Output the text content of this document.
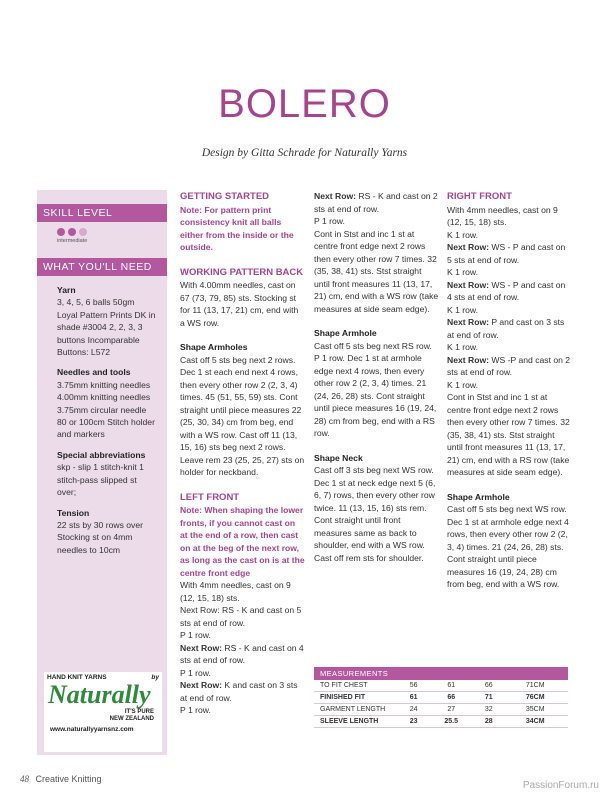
BOLERO
Design by Gitta Schrade for Naturally Yarns
SKILL LEVEL
intermediate
WHAT YOU'LL NEED
Yarn
3, 4, 5, 6 balls 50gm Loyal Pattern Prints DK in shade #3004 2, 2, 3, 3 buttons Incomparable Buttons: L572
Needles and tools
3.75mm knitting needles 4.00mm knitting needles 3.75mm circular needle 80 or 100cm Stitch holder and markers
Special abbreviations
skp - slip 1 stitch-knit 1 stitch-pass slipped st over;
Tension
22 sts by 30 rows over Stocking st on 4mm needles to 10cm
HAND KNIT YARNS	by
Naturally
IT'S PURE
NEW ZEALAND
www.naturallyyarnsnz.com

GETTING STARTED
Note: For pattern print consistency knit all balls either from the inside or the outside.

WORKING PATTERN BACK
With 4.00mm needles, cast on 67 (73, 79, 85) sts. Stocking st for 11 (13, 17, 21) cm, end with a WS row.

Shape Armholes
Cast off 5 sts beg next 2 rows. Dec 1 st each end next 4 rows, then every other row 2 (2, 3, 4) times. 45 (51, 55, 59) sts. Cont straight until piece measures 22 (25, 30, 34) cm from beg, end with a WS row. Cast off 11 (13, 15, 16) sts beg next 2 rows. Leave rem 23 (25, 25, 27) sts on holder for neckband.

LEFT FRONT
Note: When shaping the lower fronts, if you cannot cast on at the end of a row, then cast on at the beg of the next row, as long as the cast on is at the centre front edge
With 4mm needles, cast on 9 (12, 15, 18) sts.
Next Row: RS - K and cast on 5 sts at end of row.
P 1 row.
Next Row: RS - K and cast on 4 sts at end of row.
P 1 row.
Next Row: K and cast on 3 sts at end of row.
P 1 row.

Next Row: RS - K and cast on 2 sts at end of row.
P 1 row.
Cont in Stst and inc 1 st at centre front edge next 2 rows then every other row 7 times. 32 (35, 38, 41) sts. Stst straight until front measures 11 (13, 17, 21) cm, end with a WS row (take measures at side seam edge).

Shape Armhole
Cast off 5 sts beg next RS row. P 1 row. Dec 1 st at armhole edge next 4 rows, then every other row 2 (2, 3, 4) times. 21 (24, 26, 28) sts. Cont straight until piece measures 16 (19, 24, 28) cm from beg, end with a RS row.

Shape Neck
Cast off 3 sts beg next WS row. Dec 1 st at neck edge next 5 (6, 6, 7) rows, then every other row twice. 11 (13, 15, 16) sts rem. Cont straight until front measures same as back to shoulder, end with a WS row. Cast off rem sts for shoulder.

RIGHT FRONT
With 4mm needles, cast on 9 (12, 15, 18) sts.
K 1 row.
Next Row: WS - P and cast on 5 sts at end of row.
K 1 row.
Next Row: WS - P and cast on 4 sts at end of row.
K 1 row.
Next Row: P and cast on 3 sts at end of row.
K 1 row.
Next Row: WS -P and cast on 2 sts at end of row.
K 1 row.
Cont in Stst and inc 1 st at centre front edge next 2 rows then every other row 7 times. 32 (35, 38, 41) sts. Stst straight until front measures 11 (13, 17, 21) cm, end with a RS row (take measures at side seam edge).

Shape Armhole
Cast off 5 sts beg next WS row. Dec 1 st at armhole edge next 4 rows, then every other row 2 (2, 3, 4) times. 21 (24, 26, 28) sts. Cont straight until piece measures 16 (19, 24, 28) cm from beg, end with a WS row.

MEASUREMENTS
TO FIT CHEST	56	61	66	71CM
FINISHED FIT	61	66	71	76CM
GARMENT LENGTH	24	27	32	35CM
SLEEVE LENGTH	23	25.5	28	34CM
48 Creative Knitting
PassionForum.ru
